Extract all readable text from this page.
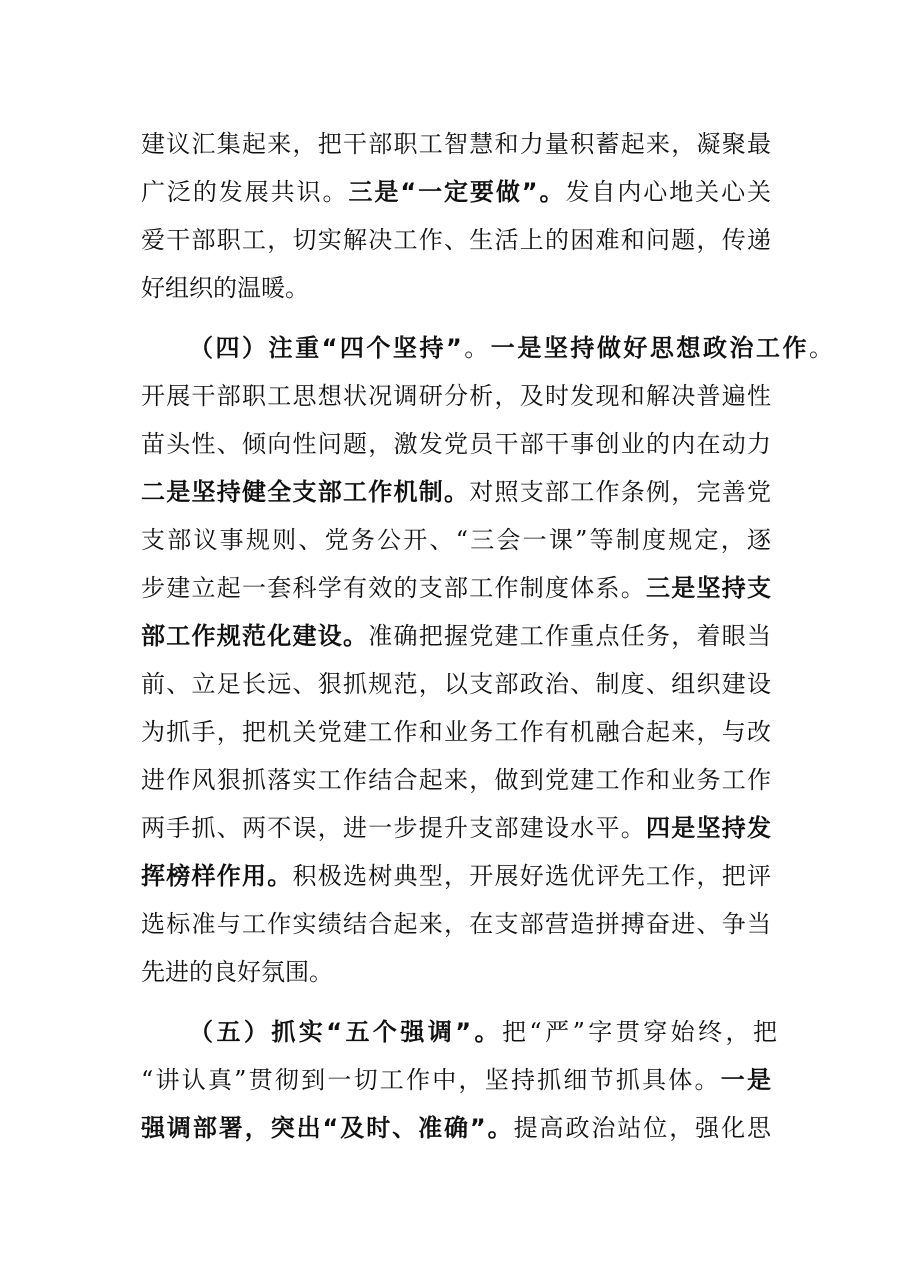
建议汇集起来，把干部职工智慧和力量积蓄起来，凝聚最
广泛的发展共识。三是“一定要做”。发自内心地关心关
爱干部职工，切实解决工作、生活上的困难和问题，传递
好组织的温暖。
（四）注重“四个坚持”。一是坚持做好思想政治工作。
开展干部职工思想状况调研分析，及时发现和解决普遍性
苗头性、倾向性问题，激发党员干部干事创业的内在动力
二是坚持健全支部工作机制。对照支部工作条例，完善党
支部议事规则、党务公开、“三会一课”等制度规定，逐
步建立起一套科学有效的支部工作制度体系。三是坚持支
部工作规范化建设。准确把握党建工作重点任务，着眼当
前、立足长远、狠抓规范，以支部政治、制度、组织建设
为抓手，把机关党建工作和业务工作有机融合起来，与改
进作风狠抓落实工作结合起来，做到党建工作和业务工作
两手抓、两不误，进一步提升支部建设水平。四是坚持发
挥榜样作用。积极选树典型，开展好选优评先工作，把评
选标准与工作实绩结合起来，在支部营造拼搏奋进、争当
先进的良好氛围。
（五）抓实“五个强调”。把“严”字贯穿始终，把
“讲认真”贯彻到一切工作中，坚持抓细节抓具体。一是
强调部署，突出“及时、准确”。提高政治站位，强化思
